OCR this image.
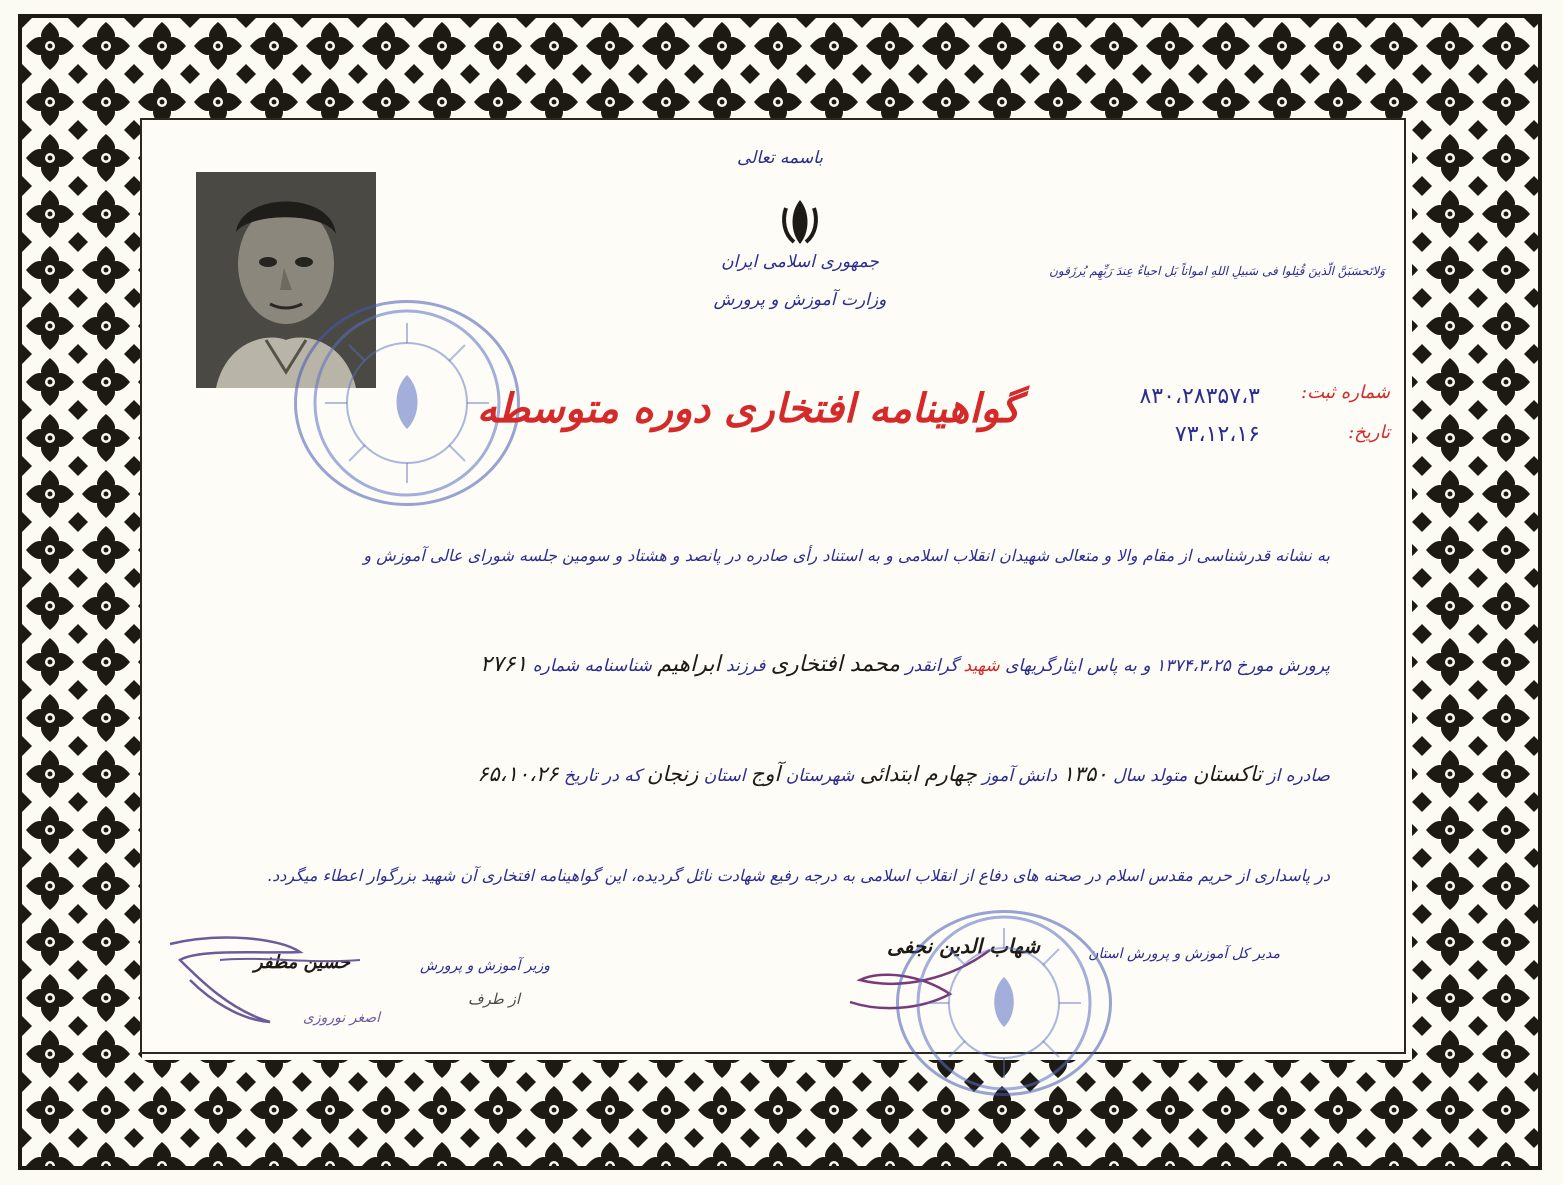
باسمه تعالی
جمهوری اسلامی ایران
وزارت آموزش و پرورش
وَلاتَحسَبَنَّ الّذینَ قُتِلوا فی سَبیلِ اللهِ امواتاً بَل احیاءٌ عِندَ رَبِّهِم یُرزَقون
گواهینامه افتخاری دوره متوسطه	شماره ثبت:
۸۳۰،۲۸۳۵۷،۳
تاریخ:
۷۳،۱۲،۱۶
به نشانه قدرشناسی از مقام والا و متعالی شهیدان انقلاب اسلامی و به استناد رأی صادره در پانصد و هشتاد و سومین جلسه شورای عالی آموزش و
پرورش مورخ ۱۳۷۴،۳،۲۵ و به پاس ایثارگریهای شهید گرانقدر محمد افتخاری فرزند ابراهیم شناسنامه شماره ۲۷۶۱
صادره از تاکستان متولد سال ۱۳۵۰ دانش آموز چهارم ابتدائی شهرستان آوج استان زنجان که در تاریخ ۶۵،۱۰،۲۶
در پاسداری از حریم مقدس اسلام در صحنه های دفاع از انقلاب اسلامی به درجه رفیع شهادت نائل گردیده، این گواهینامه افتخاری آن شهید بزرگوار اعطاء میگردد.
وزیر آموزش و پرورش
حسین مظفر
از طرف
اصغر نوروزی
مدیر کل آموزش و پرورش استان
شهاب الدین نجفی
